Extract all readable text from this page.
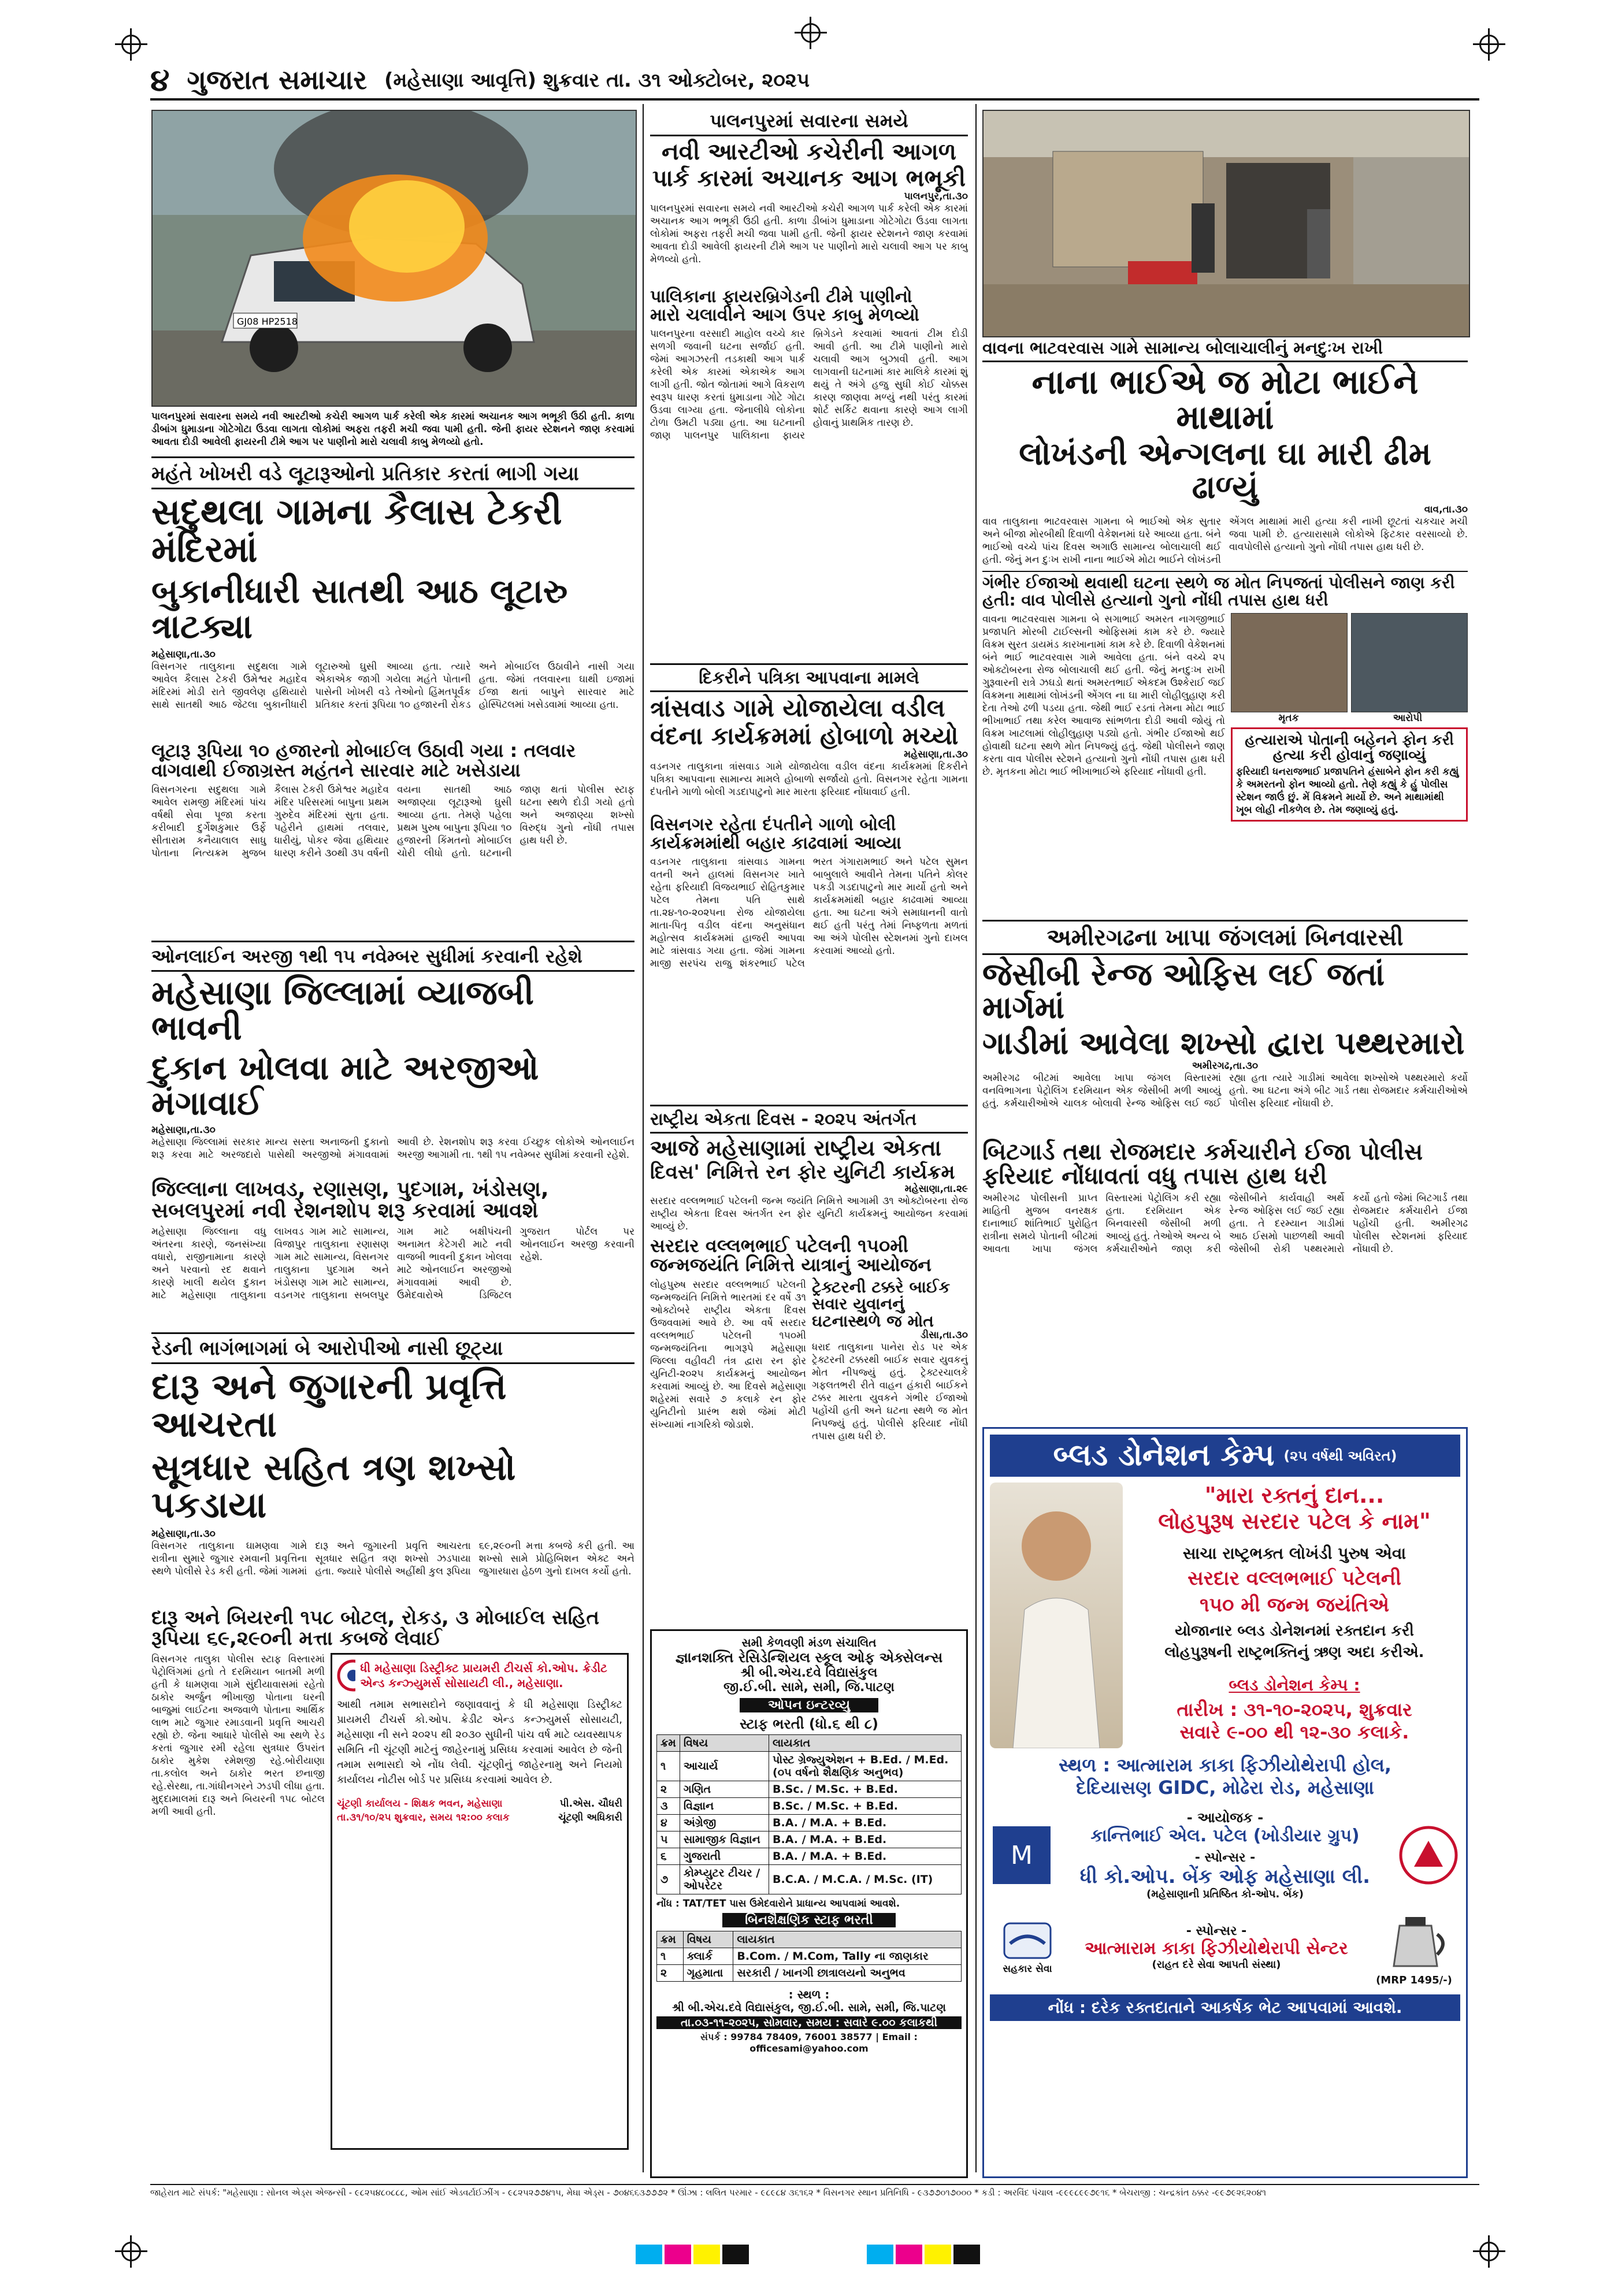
૪ ગુજરાત સમાચાર (મહેસાણા આવૃત્તિ) શુક્રવાર તા. ૩૧ ઓક્ટોબર, ૨૦૨૫
GJ08 HP2518
પાલનપુરમાં સવારના સમયે નવી આરટીઓ કચેરી આગળ પાર્ક કરેલી એક કારમાં અચાનક આગ ભભૂકી ઉઠી હતી. કાળા ડીબાંગ ધુમાડાના ગોટેગોટા ઉડવા લાગતા લોકોમાં અફરા તફરી મચી જવા પામી હતી. જેની ફાયર સ્ટેશનને જાણ કરવામાં આવતા દોડી આવેલી ફાયરની ટીમે આગ પર પાણીનો મારો ચલાવી કાબુ મેળવ્યો હતો.
પાલનપુરમાં સવારના સમયે
નવી આરટીઓ કચેરીની આગળ
પાર્ક કારમાં અચાનક આગ ભભૂકી
પાલનપુર,તા.૩૦
પાલનપુરમાં સવારના સમયે નવી આરટીઓ કચેરી આગળ પાર્ક કરેલી એક કારમાં અચાનક આગ ભભૂકી ઉઠી હતી. કાળા ડીબાંગ ધુમાડાના ગોટેગોટા ઉડવા લાગતા લોકોમાં અફરા તફરી મચી જવા પામી હતી. જેની ફાયર સ્ટેશનને જાણ કરવામાં આવતા દોડી આવેલી ફાયરની ટીમે આગ પર પાણીનો મારો ચલાવી આગ પર કાબુ મેળવ્યો હતો.
પાલિકાના ફાયરબ્રિગેડની ટીમે પાણીનો
મારો ચલાવીને આગ ઉપર કાબુ મેળવ્યો
પાલનપુરના વરસાદી માહોલ વચ્ચે કાર સળગી જવાની ઘટના સર્જાઈ હતી. જેમાં આગઝરતી તડકાથી આગ પાર્ક કરેલી એક કારમાં એકાએક આગ લાગી હતી. જોત જોતામાં આગે વિકરાળ સ્વરૂપ ધારણ કરતાં ધુમાડાના ગોટે ગોટા ઉડવા લાગ્યા હતા. જેનાલીધે લોકોના ટોળા ઉમટી પડ્યા હતા. આ ઘટનાની જાણ પાલનપુર પાલિકાના ફાયર બ્રિગેડને કરવામાં આવતાં ટીમ દોડી આવી હતી. આ ટીમે પાણીનો મારો ચલાવી આગ બુઝાવી હતી. આગ લાગવાની ઘટનામાં કાર માલિકે કારમાં શું થયું તે અંગે હજુ સુધી કોઈ ચોક્કસ કારણ જાણવા મળ્યું નથી પરંતુ કારમાં શોર્ટ સર્કિટ થવાના કારણે આગ લાગી હોવાનું પ્રાથમિક તારણ છે.
વાવના ભાટવરવાસ ગામે સામાન્ય બોલાચાલીનું મનદુઃખ રાખી
નાના ભાઈએ જ મોટા ભાઈને માથામાં
લોખંડની એન્ગલના ઘા મારી ઢીમ ઢાળ્યું
વાવ,તા.૩૦
વાવ તાલુકાના ભાટવરવાસ ગામના બે ભાઈઓ એક સુતાર અને બીજા મોરબીથી દિવાળી વેકેશનમાં ઘરે આવ્યા હતા. બંને ભાઈઓ વચ્ચે પાંચ દિવસ અગાઉ સામાન્ય બોલાચાલી થઈ હતી. જેનું મન દુઃખ રાખી નાના ભાઈએ મોટા ભાઈને લોખંડની એંગલ માથામાં મારી હત્યા કરી નાખી છૂટતાં ચકચાર મચી જવા પામી છે. હત્યારાસામે લોકોએ ફિટકાર વરસાવ્યો છે. વાવપોલીસે હત્યાનો ગુનો નોંધી તપાસ હાથ ધરી છે.
ગંભીર ઈજાઓ થવાથી ઘટના સ્થળે જ મોત નિપજતાં પોલીસને જાણ કરી હતી: વાવ પોલીસે હત્યાનો ગુનો નોંધી તપાસ હાથ ધરી
વાવના ભાટવરવાસ ગામના બે સગાભાઈ અમરત નાગજીભાઈ પ્રજાપતિ મોરબી ટાઈલ્સની ઓફિસમાં કામ કરે છે. જ્યારે વિક્રમ સુરત ડાયમંડ કારખાનામાં કામ કરે છે. દિવાળી વેકેશનમાં બંને ભાઈ ભાટવરવાસ ગામે આવેલા હતા. બંને વચ્ચે ૨૫ ઓક્ટોબરના રોજ બોલાચાલી થઈ હતી. જેનું મનદુઃખ રાખી ગુરૂવારની રાત્રે ઝઘડો થતાં અમરતભાઈ એકદમ ઉશ્કેરાઈ જઈ વિક્રમના માથામાં લોખંડની એંગલ ના ઘા મારી લોહીલુહાણ કરી દેતા તેઓ ઢળી પડયા હતા. જેથી ભાઈ રડતાં તેમના મોટા ભાઈ ભીખાભાઈ તથા કરેલ આવાજ સાંભળતા દોડી આવી જોયું તો વિક્રમ ખાટલામાં લોહીલુહાણ પડ્યો હતો. ગંભીર ઈજાઓ થઈ હોવાથી ઘટના સ્થળે મોત નિપજ્યું હતું. જેથી પોલીસને જાણ કરતા વાવ પોલીસ સ્ટેશને હત્યાનો ગુનો નોંધી તપાસ હાથ ધરી છે. મૃતકના મોટા ભાઈ ભીખાભાઈએ ફરિયાદ નોંધાવી હતી.
મૃતક	આરોપી
હત્યારાએ પોતાની બહેનને ફોન કરી હત્યા કરી હોવાનું જણાવ્યું
ફરિયાદી ધનરાજભાઈ પ્રજાપતિને હંસાબેને ફોન કરી કહ્યું કે અમરતનો ફોન આવ્યો હતો. તેણે કહ્યું કે હું પોલીસ સ્ટેશન જાઉં છું. મેં વિક્રમને માર્યો છે. અને માથામાંથી ખૂબ લોહી નીકળેલ છે. તેમ જણાવ્યું હતું.
મહંતે ખોખરી વડે લૂટારૂઓનો પ્રતિકાર કરતાં ભાગી ગયા
સદુથલા ગામના કૈલાસ ટેકરી મંદિરમાં
બુકાનીધારી સાતથી આઠ લૂટારુ ત્રાટક્યા
મહેસાણા,તા.૩૦
વિસનગર તાલુકાના સદુથલા ગામે આવેલ કૈલાસ ટેકરી ઉમેશ્વર મહાદેવ મંદિરમાં મોડી રાતે જીવલેણ હથિયારો સાથે સાતથી આઠ જેટલા બુકાનીધારી લૂટારુઓ ઘુસી આવ્યા હતા. ત્યારે એકાએક જાગી ગયેલા મહંતે પોતાની પાસેની ખોખરી વડે તેઓનો હિંમતપૂર્વક પ્રતિકાર કરતાં રૂપિયા ૧૦ હજારની રોકડ અને મોબાઈલ ઉઠાવીને નાસી ગયા હતા. જેમાં તલવારના ઘાથી ઇજામાં ઈજા થતાં બાપુને સારવાર માટે હોસ્પિટલમાં ખસેડવામાં આવ્યા હતા.
લૂટારૂ રૂપિયા ૧૦ હજારનો મોબાઈલ ઉઠાવી ગયા : તલવાર વાગવાથી ઈજાગ્રસ્ત મહંતને સારવાર માટે ખસેડાયા
વિસનગરના સદુથલા ગામે આવેલ રામજી મંદિરમાં પાંચ વર્ષથી સેવા પૂજા કરતા કરીબાદી દુર્ગેશકુમાર ઉર્ફે સીતારામ કનૈયાલાલ સાધુ પોતાના નિત્યક્રમ મુજબ કૈલાસ ટેકરી ઉમેશ્વર મહાદેવ મંદિર પરિસરમાં બાપુના પ્રથમ ગુરુદેવ મંદિરમાં સુતા હતા. પહેરીને હાથમાં તલવાર, ધારીયું, પોકર જેવા હથિયાર ધારણ કરીને ૩૦થી ૩૫ વર્ષની વયના સાતથી આઠ અજાણ્યા લૂટારૂઓ ઘુસી આવ્યા હતા. તેમણે પહેલા પ્રથમ પુરુષ બાપુના રૂપિયા ૧૦ હજારની કિંમતનો મોબાઈલ ચોરી લીધો હતો. ઘટનાની જાણ થતાં પોલીસ સ્ટાફ ઘટના સ્થળે દોડી ગયો હતો અને અજાણ્યા શખ્સો વિરુદ્ધ ગુનો નોંધી તપાસ હાથ ધરી છે.
દિકરીને પત્રિકા આપવાના મામલે
ત્રાંસવાડ ગામે યોજાયેલા વડીલ
વંદના કાર્યક્રમમાં હોબાળો મચ્યો
મહેસાણા,તા.૩૦
વડનગર તાલુકાના ત્રાંસવાડ ગામે યોજાયેલા વડીલ વંદના કાર્યક્રમમાં દિકરીને પત્રિકા આપવાના સામાન્ય મામલે હોબાળો સર્જાયો હતો. વિસનગર રહેતા ગામના દંપતીને ગાળો બોલી ગડદાપાટુનો માર મારતા ફરિયાદ નોંધાવાઈ હતી.
વિસનગર રહેતા દંપતીને ગાળો બોલી કાર્યક્રમમાંથી બહાર કાઢવામાં આવ્યા
વડનગર તાલુકાના ત્રાંસવાડ ગામના વતની અને હાલમાં વિસનગર ખાતે રહેતા ફરિયાદી વિજયભાઈ રોહિતકુમાર પટેલ તેમના પતિ સાથે તા.૨૪-૧૦-૨૦૨૫ના રોજ યોજાયેલા માતા-પિતૃ વડીલ વંદના અનુસંધાન મહોત્સવ કાર્યક્રમમાં હાજરી આપવા માટે ત્રાંસવાડ ગયા હતા. જેમાં ગામના માજી સરપંચ રાજુ શંકરભાઈ પટેલ ભરત ગંગારામભાઈ અને પટેલ સુમન બાબુલાલે આવીને તેમના પતિને કોલર પકડી ગડદાપાટુનો માર માર્યો હતો અને કાર્યક્રમમાંથી બહાર કાઢવામાં આવ્યા હતા. આ ઘટના અંગે સમાધાનની વાતો થઈ હતી પરંતુ તેમાં નિષ્ફળતા મળતાં આ અંગે પોલીસ સ્ટેશનમાં ગુનો દાખલ કરવામાં આવ્યો હતો.
ઓનલાઈન અરજી ૧થી ૧૫ નવેમ્બર સુધીમાં કરવાની રહેશે
મહેસાણા જિલ્લામાં વ્યાજબી ભાવની
દુકાન ખોલવા માટે અરજીઓ મંગાવાઈ
મહેસાણા,તા.૩૦
મહેસાણા જિલ્લામાં સરકાર માન્ય સસ્તા અનાજની દુકાનો શરૂ કરવા માટે અરજદારો પાસેથી અરજીઓ મંગાવવામાં આવી છે. રેશનશોપ શરૂ કરવા ઈચ્છુક લોકોએ ઓનલાઈન અરજી આગામી તા. ૧થી ૧૫ નવેમ્બર સુધીમાં કરવાની રહેશે.
જિલ્લાના લાખવડ, રણાસણ, પુદગામ, ખંડોસણ, સબલપુરમાં નવી રેશનશોપ શરૂ કરવામાં આવશે
મહેસાણા જિલ્લાના વધુ અંતરના કારણે, જનસંખ્યા વધારો, રાજીનામાના કારણે અને પરવાનો રદ થવાને કારણે ખાલી થયેલ દુકાન માટે મહેસાણા તાલુકાના લાખવડ ગામ માટે સામાન્ય, વિજાપુર તાલુકાના રણાસણ ગામ માટે સામાન્ય, વિસનગર તાલુકાના પુદગામ અને ખંડોસણ ગામ માટે સામાન્ય, વડનગર તાલુકાના સબલપુર ગામ માટે બક્ષીપંચની અનામત કેટેગરી માટે નવી વાજબી ભાવની દુકાન ખોલવા માટે ઓનલાઈન અરજીઓ મંગાવવામાં આવી છે. ઉમેદવારોએ ડિજિટલ ગુજરાત પોર્ટલ પર ઓનલાઈન અરજી કરવાની રહેશે.
રાષ્ટ્રીય એકતા દિવસ - ૨૦૨૫ અંતર્ગત
આજે મહેસાણામાં રાષ્ટ્રીય એકતા
દિવસ' નિમિત્તે રન ફોર યુનિટી કાર્યક્રમ
મહેસાણા,તા.૨૯
સરદાર વલ્લભભાઈ પટેલની જન્મ જયંતિ નિમિત્તે આગામી ૩૧ ઓક્ટોબરના રોજ રાષ્ટ્રીય એકતા દિવસ અંતર્ગત રન ફોર યુનિટી કાર્યક્રમનું આયોજન કરવામાં આવ્યું છે.
સરદાર વલ્લભભાઈ પટેલની ૧૫૦મી જન્મજયંતિ નિમિત્તે યાત્રાનું આયોજન
લોહપુરુષ સરદાર વલ્લભભાઈ પટેલની જન્મજયંતિ નિમિત્તે ભારતમાં દર વર્ષે ૩૧ ઓક્ટોબરે રાષ્ટ્રીય એકતા દિવસ ઉજવવામાં આવે છે. આ વર્ષે સરદાર વલ્લભભાઈ પટેલની ૧૫૦મી જન્મજયંતિના ભાગરૂપે મહેસાણા જિલ્લા વહીવટી તંત્ર દ્વારા રન ફોર યુનિટી-૨૦૨૫ કાર્યક્રમનું આયોજન કરવામાં આવ્યું છે. આ દિવસે મહેસાણા શહેરમાં સવારે ૭ કલાકે રન ફોર યુનિટીનો પ્રારંભ થશે જેમાં મોટી સંખ્યામાં નાગરિકો જોડાશે.
ટ્રેક્ટરની ટક્કરે બાઈક સવાર યુવાનનું ઘટનાસ્થળે જ મોત
ડીસા,તા.૩૦
ધરાદ તાલુકાના પાનેરા રોડ પર એક ટ્રેક્ટરની ટક્કરથી બાઈક સવાર યુવકનું મોત નીપજ્યું હતું. ટ્રેક્ટરચાલકે ગફલતભરી રીતે વાહન હંકારી બાઈકને ટક્કર મારતા યુવકને ગંભીર ઈજાઓ પહોંચી હતી અને ઘટના સ્થળે જ મોત નિપજ્યું હતું. પોલીસે ફરિયાદ નોંધી તપાસ હાથ ધરી છે.
અમીરગઢના ખાપા જંગલમાં બિનવારસી
જેસીબી રેન્જ ઓફિસ લઈ જતાં માર્ગમાં
ગાડીમાં આવેલા શખ્સો દ્વારા પથ્થરમારો
અમીરગઢ,તા.૩૦
અમીરગઢ બીટમાં આવેલા ખાપા જંગલ વિસ્તારમાં વનવિભાગના પેટ્રોલિંગ દરમિયાન એક જેસીબી મળી આવ્યું હતું. કર્મચારીઓએ ચાલક બોલાવી રેન્જ ઓફિસ લઈ જઈ રહ્યા હતા ત્યારે ગાડીમાં આવેલા શખ્સોએ પથ્થરમારો કર્યો હતો. આ ઘટના અંગે બીટ ગાર્ડ તથા રોજમદાર કર્મચારીઓએ પોલીસ ફરિયાદ નોંધાવી છે.
બિટગાર્ડ તથા રોજમદાર કર્મચારીને ઈજા પોલીસ ફરિયાદ નોંધાવતાં વધુ તપાસ હાથ ધરી
અમીરગઢ પોલીસની પ્રાપ્ત માહિતી મુજબ વનરક્ષક દાનાભાઈ શાંતિભાઈ પુરોહિત રાત્રીના સમયે પોતાની બીટમાં આવતા ખાપા જંગલ વિસ્તારમાં પેટ્રોલિંગ કરી રહ્યા હતા. દરમિયાન એક બિનવારસી જેસીબી મળી આવ્યું હતું. તેઓએ અન્ય બે કર્મચારીઓને જાણ કરી જેસીબીને કાર્યવાહી અર્થે રેન્જ ઓફિસ લઈ જઈ રહ્યા હતા. તે દરમ્યાન ગાડીમાં આઠ ઈસમો પાછળથી આવી જેસીબી રોકી પથ્થરમારો કર્યો હતો જેમાં બિટગાર્ડ તથા રોજમદાર કર્મચારીને ઈજા પહોંચી હતી. અમીરગઢ પોલીસ સ્ટેશનમાં ફરિયાદ નોંધાવી છે.
રેડની ભાગંભાગમાં બે આરોપીઓ નાસી છૂટ્યા
દારૂ અને જુગારની પ્રવૃત્તિ આચરતા
સૂત્રધાર સહિત ત્રણ શખ્સો પકડાયા
મહેસાણા,તા.૩૦
વિસનગર તાલુકાના ઘામણવા ગામે રાત્રીના સુમારે જુગાર રમવાની પ્રવૃત્તિના સ્થળે પોલીસે રેડ કરી હતી. જેમાં ગામમાં દારૂ અને જુગારની પ્રવૃત્તિ આચરતા સૂત્રધાર સહિત ત્રણ શખ્સો ઝડપાયા હતા. જ્યારે પોલીસે અહીંથી કુલ રૂપિયા ૬૯,૨૯૦ની મત્તા કબજે કરી હતી. આ શખ્સો સામે પ્રોહિબિશન એક્ટ અને જુગારધારા હેઠળ ગુનો દાખલ કર્યો હતો.
દારૂ અને બિયરની ૧૫૮ બોટલ, રોકડ, ૩ મોબાઈલ સહિત રૂપિયા ૬૯,૨૯૦ની મત્તા કબજે લેવાઈ
વિસનગર તાલુકા પોલીસ સ્ટાફ વિસ્તારમાં પેટ્રોલિંગમાં હતો તે દરમિયાન બાતમી મળી હતી કે ધામણવા ગામે સુંદીયાવાસમાં રહેતો ઠાકોર અર્જુન ભીખાજી પોતાના ઘરની બાજુમાં લાઈટના અજવાળે પોતાના આર્થિક લાભ માટે જુગાર રમાડવાની પ્રવૃત્તિ આચરી રહ્યો છે. જેના આધારે પોલીસે આ સ્થળે રેડ કરતાં જુગાર રમી રહેલા સુત્રધાર ઉપરાંત ઠાકોર મુકેશ રમેશજી રહે.બોરીયાણા તા.કલોલ અને ઠાકોર ભરત છનાજી રહે.સેરથા, તા.ગાંધીનગરને ઝડપી લીધા હતા. મુદ્દામાલમાં દારૂ અને બિયરની ૧૫૮ બોટલ મળી આવી હતી.
ધી મહેસાણા ડિસ્ટ્રીક્ટ પ્રાયમરી ટીચર્સ કો.ઓપ. ક્રેડીટ એન્ડ કન્ઝ્યુમર્સ સોસાયટી લી., મહેસાણા.
આથી તમામ સભાસદોને જણાવવાનું કે ધી મહેસાણા ડિસ્ટ્રીક્ટ પ્રાયમરી ટીચર્સ કો.ઓપ. ક્રેડીટ એન્ડ કન્ઝ્યુમર્સ સોસાયટી, મહેસાણા ની સને ૨૦૨૫ થી ૨૦૩૦ સુધીની પાંચ વર્ષ માટે વ્યવસ્થાપક સમિતિ ની ચૂંટણી માટેનું જાહેરનામું પ્રસિધ્ધ કરવામાં આવેલ છે જેની તમામ સભાસદો એ નોંધ લેવી. ચૂંટણીનું જાહેરનામુ અને નિયમો કાર્યાલય નોટીસ બોર્ડ પર પ્રસિધ્ધ કરવામાં આવેલ છે.
ચૂંટણી કાર્યાલય - શિક્ષક ભવન, મહેસાણા
તા.૩૧/૧૦/૨૫ શુક્રવાર, સમય ૧૨:૦૦ કલાક
પી.એસ. ચૌધરી
ચૂંટણી અધિકારી
સમી કેળવણી મંડળ સંચાલિત
જ્ઞાનશક્તિ રેસિડેન્શિયલ સ્કૂલ ઓફ એક્સેલન્સ
શ્રી બી.એચ.દવે વિદ્યાસંકુલ
જી.ઈ.બી. સામે, સમી, જિ.પાટણ
ઓપન ઇન્ટરવ્યુ
સ્ટાફ ભરતી (ધો.૬ થી ૮)
ક્રમ	વિષય	લાયકાત
૧	આચાર્ય	પોસ્ટ ગ્રેજ્યુએશન + B.Ed. / M.Ed. (૦૫ વર્ષનો શૈક્ષણિક અનુભવ)
૨	ગણિત	B.Sc. / M.Sc. + B.Ed.
૩	વિજ્ઞાન	B.Sc. / M.Sc. + B.Ed.
૪	અંગ્રેજી	B.A. / M.A. + B.Ed.
૫	સામાજીક વિજ્ઞાન	B.A. / M.A. + B.Ed.
૬	ગુજરાતી	B.A. / M.A. + B.Ed.
૭	કોમ્પ્યુટર ટીચર / ઓપરેટર	B.C.A. / M.C.A. / M.Sc. (IT)
નોંધ : TAT/TET પાસ ઉમેદવારોને પ્રાધાન્ય આપવામાં આવશે.
બિનશૈક્ષણિક સ્ટાફ ભરતી
ક્રમ	વિષય	લાયકાત
૧	ક્લાર્ક	B.Com. / M.Com, Tally ના જાણકાર
૨	ગૃહમાતા	સરકારી / ખાનગી છાત્રાલયનો અનુભવ
: સ્થળ :
શ્રી બી.એચ.દવે વિદ્યાસંકુલ, જી.ઈ.બી. સામે, સમી, જિ.પાટણ
તા.૦૩-૧૧-૨૦૨૫, સોમવાર, સમય : સવારે ૯.૦૦ કલાકથી
સંપર્ક : 99784 78409, 76001 38577 | Email : officesami@yahoo.com
બ્લડ ડોનેશન કેમ્પ (૨૫ વર્ષથી અવિરત)
"મારા રક્તનું દાન...
લોહપુરૂષ સરદાર પટેલ કે નામ"
સાચા રાષ્ટ્રભક્ત લોખંડી પુરુષ એવા
સરદાર વલ્લભભાઈ પટેલની
૧૫૦ મી જન્મ જયંતિએ
યોજાનાર બ્લડ ડોનેશનમાં રક્તદાન કરી
લોહપુરૂષની રાષ્ટ્રભક્તિનું ઋણ અદા કરીએ.
બ્લડ ડોનેશન કેમ્પ :
તારીખ : ૩૧-૧૦-૨૦૨૫, શુક્રવાર
સવારે ૯-૦૦ થી ૧૨-૩૦ કલાકે.
સ્થળ : આત્મારામ કાકા ફિઝીયોથેરાપી હોલ,
દેદિયાસણ GIDC, મોઢેરા રોડ, મહેસાણા
M
- આયોજક -
કાન્તિભાઈ એલ. પટેલ (ખોડીયાર ગ્રુપ)
- સ્પોન્સર -
ધી કો.ઓપ. બેંક ઓફ મહેસાણા લી.
(મહેસાણાની પ્રતિષ્ઠિત કો-ઓપ. બેંક)
સહકાર સેવા
- સ્પોન્સર -
આત્મારામ કાકા ફિઝીયોથેરાપી સેન્ટર
(રાહત દરે સેવા આપતી સંસ્થા)
(MRP 1495/-)
નોંધ : દરેક રક્તદાતાને આકર્ષક ભેટ આપવામાં આવશે.
જાહેરાત માટે સંપર્ક: "મહેસાણા : સોનલ એડ્સ એજન્સી - ૯૮૨૫૪૮૦૮૮૮, ઓમ સાંઈ એડવર્ટાઈઝીંગ - ૯૮૨૫૨૭૭૪૧૫, મેઘા એડ્સ - ૭૦૪૬૬૩૭૭૭૨ * ઊંઝા : લલિત પરમાર - ૯૮૯૮૪ ૩૬૧૬૨ * વિસનગર સ્થાન પ્રતિનિધિ - ૯૩૭૭૦૧૭૦૦૦ * કડી : અરવિંદ પંચાલ -૯૯૯૮૯૯૭૯૧૬ * બેચરાજી : ચન્દ્રકાંત ઠક્કર -૯૯૭૯૨૬૨૦૪૧
